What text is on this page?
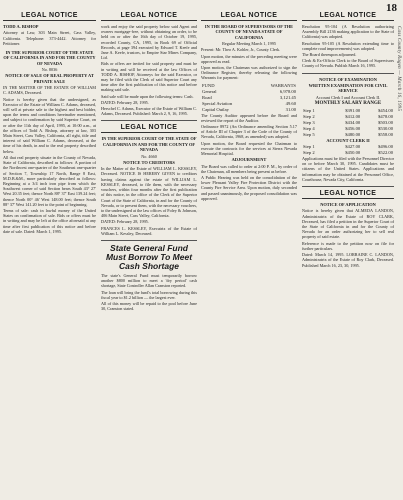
18
Cass County Ragen — March 16, 1995
LEGAL NOTICE
TODD A. BISHOP

Attorney at Law, 303 Main Street, Cass Valley, California. Telephone: 373-4442. Attorney for Petitioner.

IN THE SUPERIOR COURT OF THE STATE OF CALIFORNIA IN AND FOR THE COUNTY OF NEVADA

No. 8036

NOTICE OF SALE OF REAL PROPERTY AT PRIVATE SALE

IN THE MATTER OF THE ESTATE OF WILLIAM C. ADAMS, Deceased.

Notice is hereby given that the undersigned, as Executor of the Estate of William C. Adams, deceased, will sell at private sale to the highest and best bidder, upon the terms and conditions hereinafter mentioned, and subject to confirmation by said Superior Court, on or after the 11th day of April, 1995, at 10:00 a.m., at the offices of Todd A. Bishop, attorney at law, 303 Main Street, Cass Valley, California, all right, title and interest of said William C. Adams, deceased, at the time of his death, in and to the real property described below.

All that real property situate in the County of Nevada, State of California, described as follows: A portion of the Northwest one-quarter of the Southeast one-quarter of Section 7, Township 17 North, Range 8 East, M.D.B.&M., more particularly described as follows: Beginning at a 3/4 inch iron pipe from which the Southwest corner of said Section bears South 43° 27' West 20.35 feet; thence North 88° 37' East 139.24 feet; thence North 00° 46' West 148.00 feet; thence South 88° 37' West 141.20 feet to the point of beginning.

Terms of sale: cash in lawful money of the United States on confirmation of sale. Bids or offers must be in writing and may be left at the office aforesaid at any time after first publication of this notice and before date of sale. Dated: March 1, 1995.

LEGAL NOTICE

work and enjoy the said property below said Agent and owners mortgage-free, without obtaining an order, to be held on or after the 16th day of October 19, 1995, recorded County, CA, 1995, in Book 69 of Official Records, at page 394 executed by Edward T. Keefe and Jane A. Keefe, trustors, to Empire Star Mines Company, Ltd.

Bids or offers are invited for said property and must be in writing and will be received at the law Offices of TODD A. BISHOP, Attorneys for the said Executor, or may be filed with the Clerk of said Superior Court any time after the first publication of this notice and before making said sale.

Said sale will be made upon the following terms: Cash.

DATED: February 28, 1995.

Herschel C. Adams, Executor of the Estate of William C. Adams, Deceased. Published: March 2, 9, 16, 1995.

LEGAL NOTICE
IN THE SUPERIOR COURT OF THE STATE OF CALIFORNIA IN AND FOR THE COUNTY OF NEVADA

No. 4660

NOTICE TO CREDITORS

In the Matter of the Estate of WILLIAM L. KESSLEY, Deceased. NOTICE IS HEREBY GIVEN to creditors having claims against the estate of WILLIAM L. KESSLEY, deceased, to file them, with the necessary vouchers, within four months after the first publication of this notice, in the office of the Clerk of the Superior Court of the State of California, in and for the County of Nevada, or to present them, with the necessary vouchers, to the undersigned at the law offices of Foley & Johnson, 406 Main Street, Cass Valley, California.

DATED: February 28, 1995.

FRANCES L. KESSLEY, Executrix of the Estate of William L. Kessley, Deceased.

State General Fund Must Borrow To Meet Cash Shortage

The state's General Fund must temporarily borrow another $800 million to meet a 'dry period' cash shortage, State Controller Allan Cranston reported.

The loan will bring the fund's total borrowing during this fiscal year to $1.2 billion — the largest ever.

All of this money will be repaid to the pool before June 30, Cranston stated.

LEGAL NOTICE
IN THE BOARD OF SUPERVISORS OF THE COUNTY OF NEVADA STATE OF CALIFORNIA

Regular Meeting March 1, 1995

Present: Mr. Theo A. Kohler, Jr., County Clerk.

Upon motion, the minutes of the preceding meeting were approved as read.

Upon motion, the Chairman was authorized to sign the Ordinance Register, thereby releasing the following Warrants for payment:

FUND	WARRANTS
General	6,978.00
Road	3,121.45
Special Aviation	49.60
Capital Outlay	31.00

The County Auditor appeared before the Board and reviewed the report of the Auditor.

Ordinance 8972 (An Ordinance amending Section 5.17 of Article III of Chapter 3 of the Code of the County of Nevada, California, 1968, as amended) was adopted.

Upon motion, the Board requested the Chairman to execute the contracts for the services at Sierra Nevada Memorial Hospital.

ADJOURNMENT

The Board was called to order at 2:00 P. M., by order of the Chairman, all members being present as before.

A Public Hearing was held on the consolidation of the lower Pleasant Valley Fire Protection District with the County Fire Service Area. Upon motion, duly seconded and passed unanimously, the proposed consolidation was approved.

LEGAL NOTICE

Resolution 95-104 (A Resolution authorizing Assembly Bill 2136 making application to the State of California) was adopted.

Resolution 95-105 (A Resolution extending time to complete road improvements) was adopted.

The Board thereupon adjourned.

Clerk & Ex-Officio Clerk to the Board of Supervisors County of Nevada. Publish March 16, 1995.

NOTICE OF EXAMINATION
WRITTEN EXAMINATION FOR CIVIL SERVICE

Account Clerk I and Account Clerk II.

MONTHLY SALARY RANGE
Step 1	$391.00	$454.00
Step 2	$412.00	$478.00
Step 3	$434.00	$503.00
Step 4	$456.00	$530.00
Step 5	$480.00	$558.00
ACCOUNT CLERK II		
Step 1	$427.00	$496.00
Step 2	$450.00	$522.00

Applications must be filed with the Personnel Director on or before March 30, 1995. Candidates must be citizens of the United States. Applications and information may be obtained at the Personnel Office, Courthouse, Nevada City, California.

LEGAL NOTICE
NOTICE OF APPLICATION

Notice is hereby given that ALMEDA LANDON, Administratrix of the Estate of ROY CLARK, Deceased, has filed a petition in the Superior Court of the State of California in and for the County of Nevada for an order authorizing her to sell real property of said estate.

Reference is made to the petition now on file for further particulars.

Dated: March 14, 1995. LORRAINE C. LANDON, Administratrix of the Estate of Roy Clark, Deceased. Published March 16, 23, 30, 1995.
